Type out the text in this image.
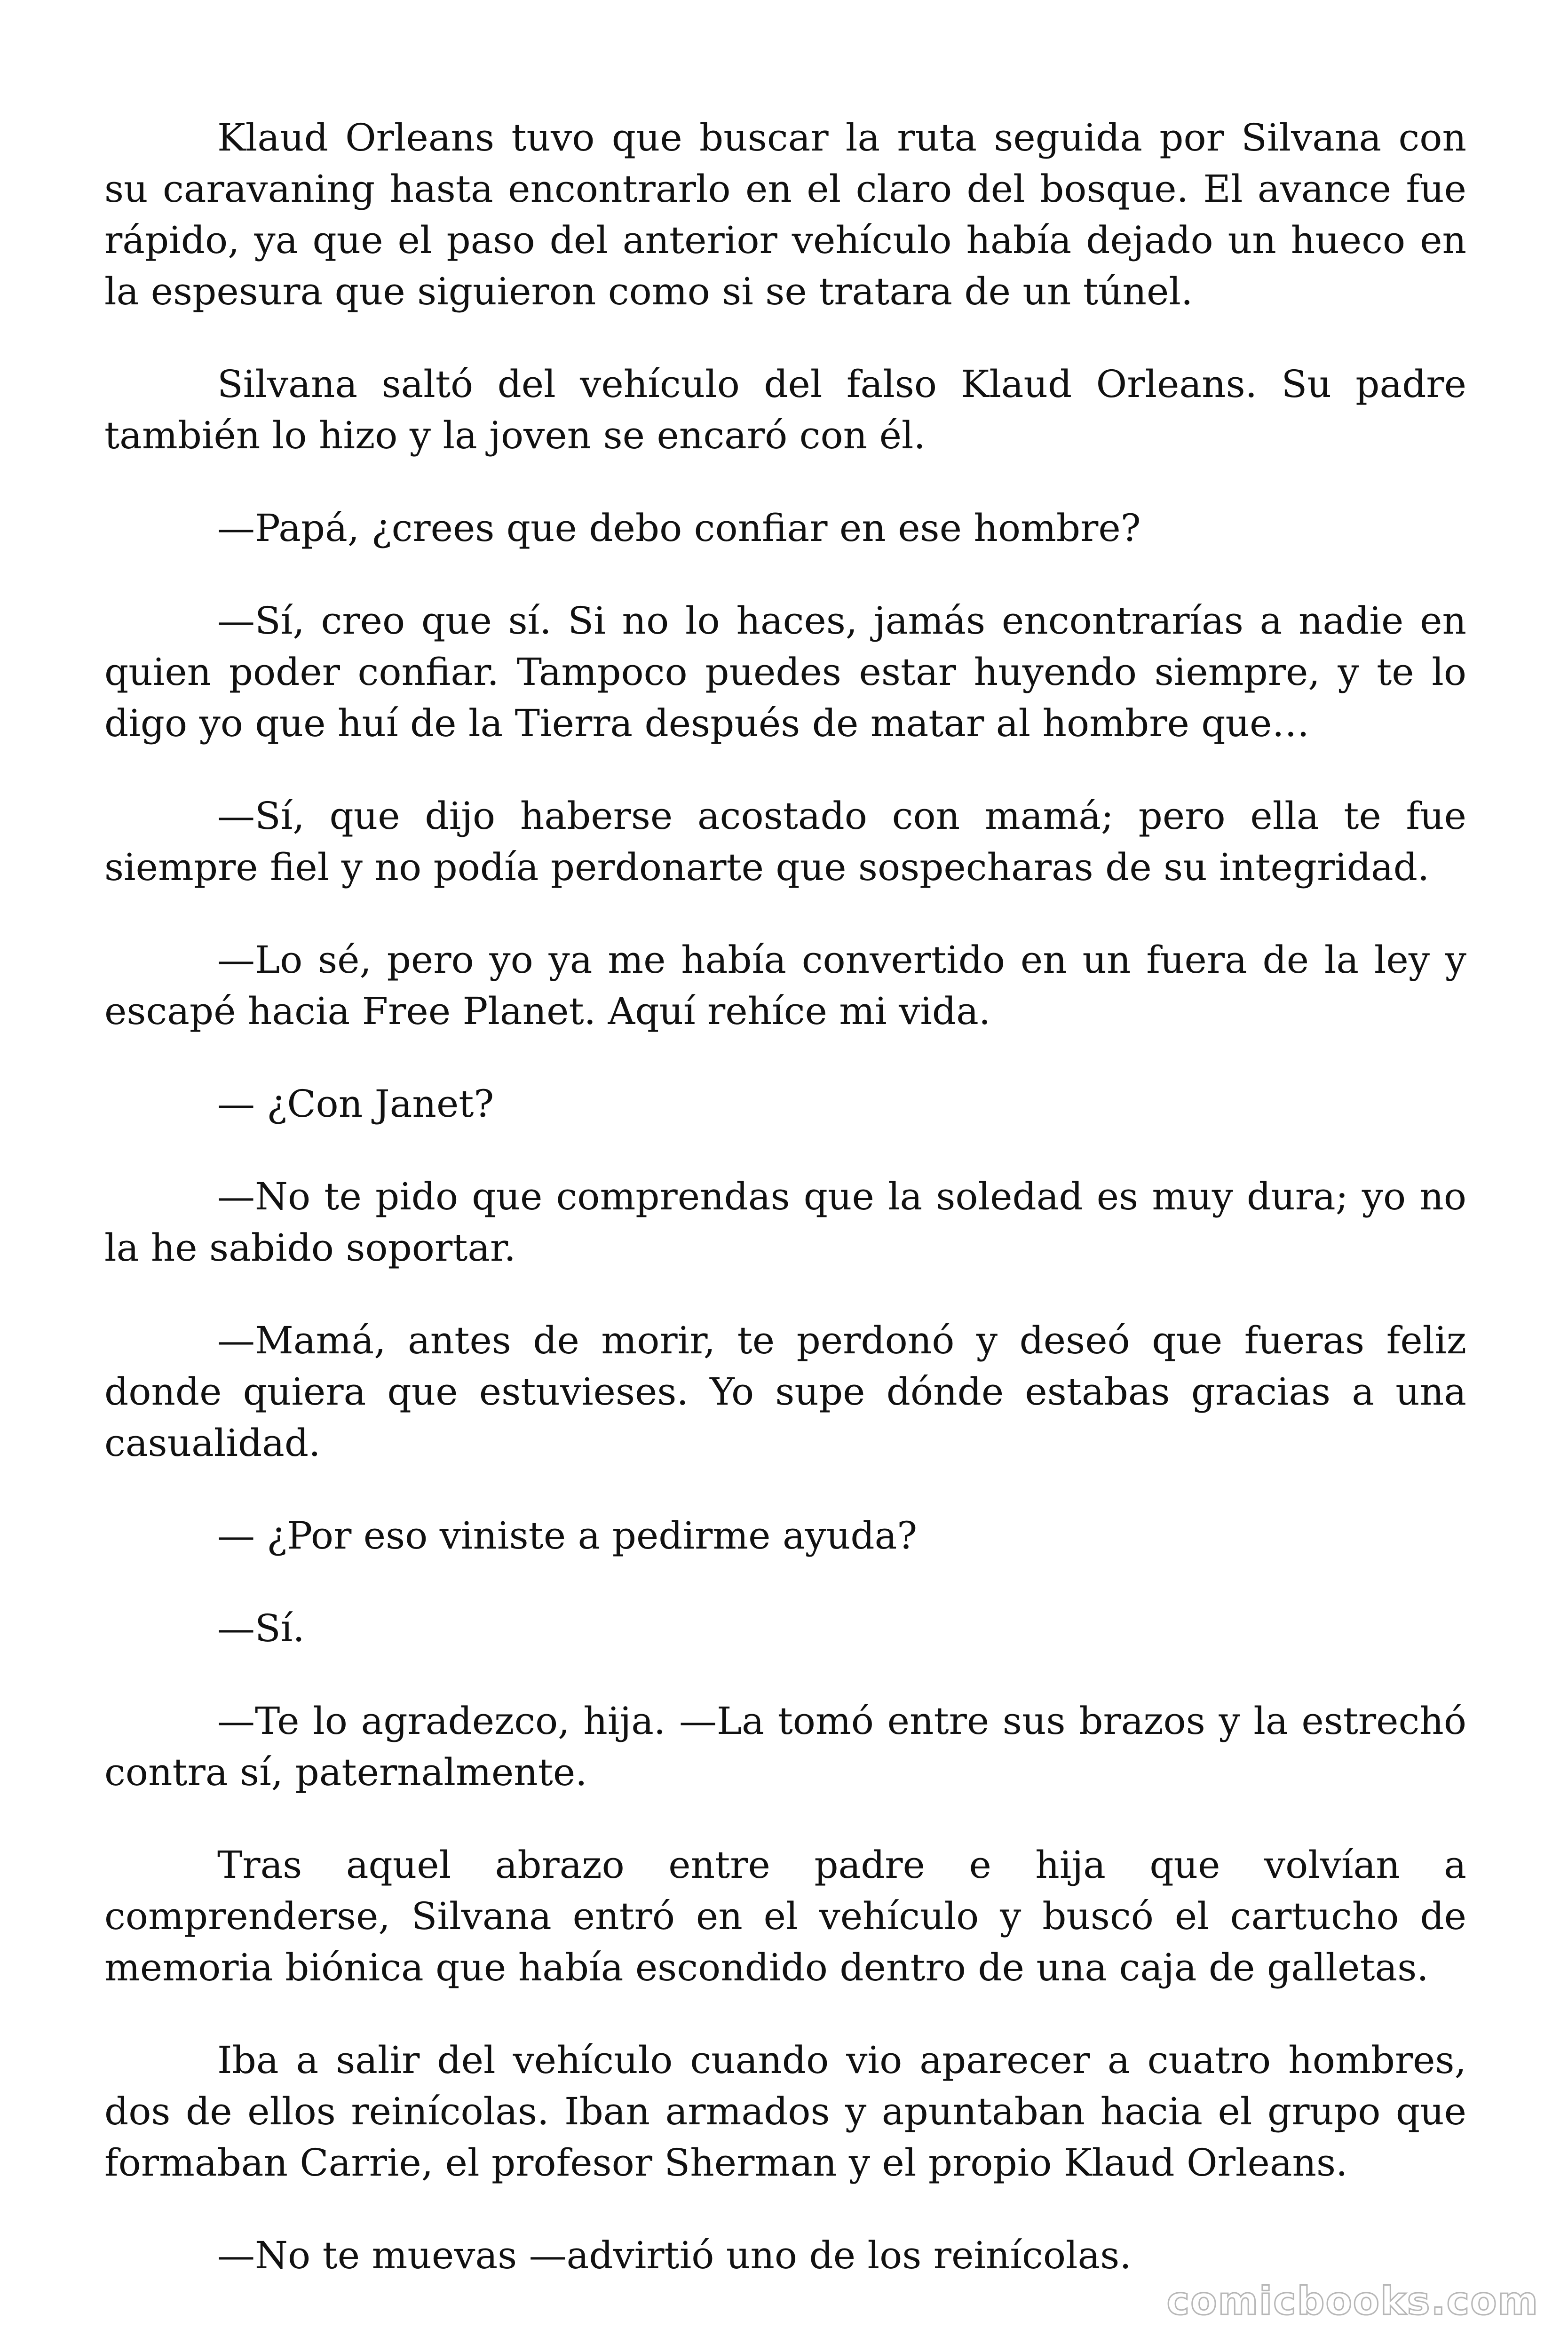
Klaud Orleans tuvo que buscar la ruta seguida por Silvana con su caravaning hasta encontrarlo en el claro del bosque. El avance fue rápido, ya que el paso del anterior vehículo había dejado un hueco en la espesura que siguieron como si se tratara de un túnel.

Silvana saltó del vehículo del falso Klaud Orleans. Su padre también lo hizo y la joven se encaró con él.

—Papá, ¿crees que debo confiar en ese hombre?

—Sí, creo que sí. Si no lo haces, jamás encontrarías a nadie en quien poder confiar. Tampoco puedes estar huyendo siempre, y te lo digo yo que huí de la Tierra después de matar al hombre que…

—Sí, que dijo haberse acostado con mamá; pero ella te fue siempre fiel y no podía perdonarte que sospecharas de su integridad.

—Lo sé, pero yo ya me había convertido en un fuera de la ley y escapé hacia Free Planet. Aquí rehíce mi vida.

— ¿Con Janet?

—No te pido que comprendas que la soledad es muy dura; yo no la he sabido soportar.

—Mamá, antes de morir, te perdonó y deseó que fueras feliz donde quiera que estuvieses. Yo supe dónde estabas gracias a una casualidad.

— ¿Por eso viniste a pedirme ayuda?

—Sí.

—Te lo agradezco, hija. —La tomó entre sus brazos y la estrechó contra sí, paternalmente.

Tras aquel abrazo entre padre e hija que volvían a comprenderse, Silvana entró en el vehículo y buscó el cartucho de memoria biónica que había escondido dentro de una caja de galletas.

Iba a salir del vehículo cuando vio aparecer a cuatro hombres, dos de ellos reinícolas. Iban armados y apuntaban hacia el grupo que formaban Carrie, el profesor Sherman y el propio Klaud Orleans.

—No te muevas —advirtió uno de los reinícolas.

comicbooks.com
